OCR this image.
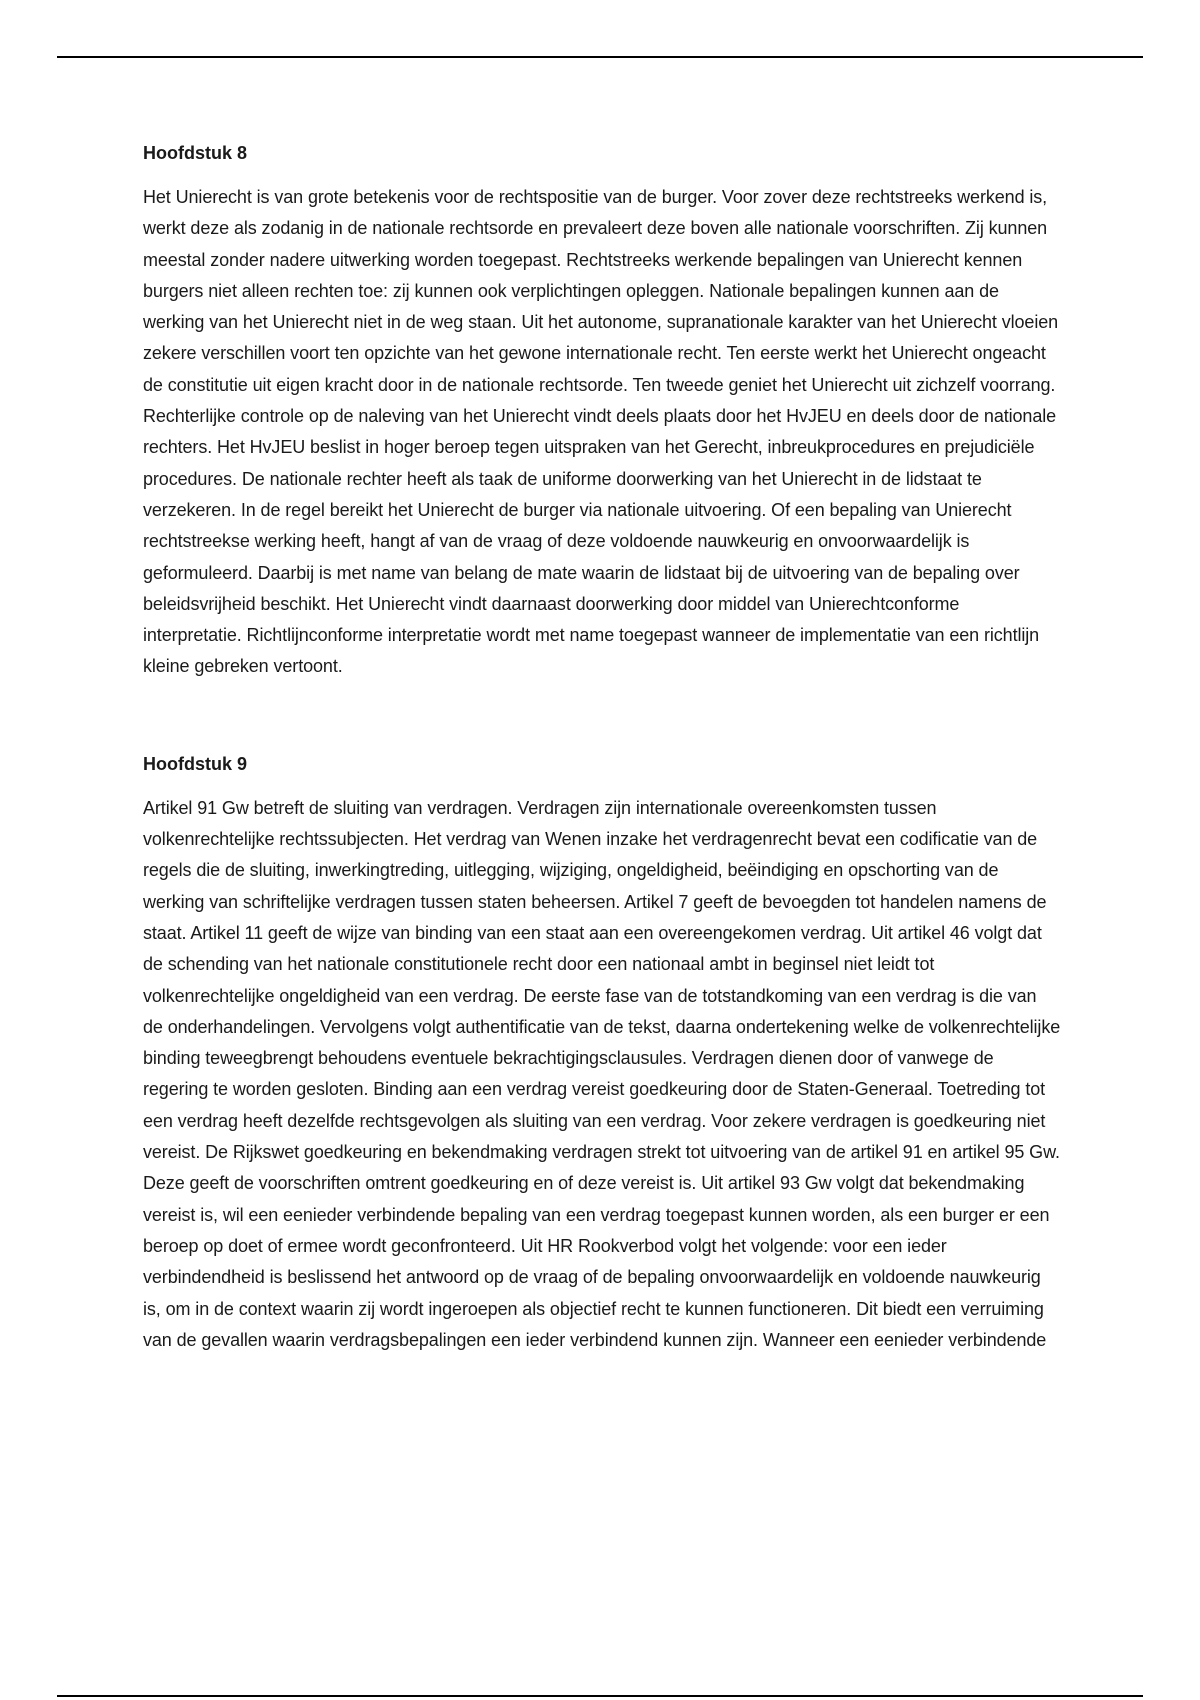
Hoofdstuk 8

Het Unierecht is van grote betekenis voor de rechtspositie van de burger. Voor zover deze rechtstreeks werkend is, werkt deze als zodanig in de nationale rechtsorde en prevaleert deze boven alle nationale voorschriften. Zij kunnen meestal zonder nadere uitwerking worden toegepast. Rechtstreeks werkende bepalingen van Unierecht kennen burgers niet alleen rechten toe: zij kunnen ook verplichtingen opleggen. Nationale bepalingen kunnen aan de werking van het Unierecht niet in de weg staan. Uit het autonome, supranationale karakter van het Unierecht vloeien zekere verschillen voort ten opzichte van het gewone internationale recht. Ten eerste werkt het Unierecht ongeacht de constitutie uit eigen kracht door in de nationale rechtsorde. Ten tweede geniet het Unierecht uit zichzelf voorrang. Rechterlijke controle op de naleving van het Unierecht vindt deels plaats door het HvJEU en deels door de nationale rechters. Het HvJEU beslist in hoger beroep tegen uitspraken van het Gerecht, inbreukprocedures en prejudiciële procedures. De nationale rechter heeft als taak de uniforme doorwerking van het Unierecht in de lidstaat te verzekeren. In de regel bereikt het Unierecht de burger via nationale uitvoering. Of een bepaling van Unierecht rechtstreekse werking heeft, hangt af van de vraag of deze voldoende nauwkeurig en onvoorwaardelijk is geformuleerd. Daarbij is met name van belang de mate waarin de lidstaat bij de uitvoering van de bepaling over beleidsvrijheid beschikt. Het Unierecht vindt daarnaast doorwerking door middel van Unierechtconforme interpretatie. Richtlijnconforme interpretatie wordt met name toegepast wanneer de implementatie van een richtlijn kleine gebreken vertoont.

Hoofdstuk 9

Artikel 91 Gw betreft de sluiting van verdragen. Verdragen zijn internationale overeenkomsten tussen volkenrechtelijke rechtssubjecten. Het verdrag van Wenen inzake het verdragenrecht bevat een codificatie van de regels die de sluiting, inwerkingtreding, uitlegging, wijziging, ongeldigheid, beëindiging en opschorting van de werking van schriftelijke verdragen tussen staten beheersen. Artikel 7 geeft de bevoegden tot handelen namens de staat. Artikel 11 geeft de wijze van binding van een staat aan een overeengekomen verdrag. Uit artikel 46 volgt dat de schending van het nationale constitutionele recht door een nationaal ambt in beginsel niet leidt tot volkenrechtelijke ongeldigheid van een verdrag. De eerste fase van de totstandkoming van een verdrag is die van de onderhandelingen. Vervolgens volgt authentificatie van de tekst, daarna ondertekening welke de volkenrechtelijke binding teweegbrengt behoudens eventuele bekrachtigingsclausules. Verdragen dienen door of vanwege de regering te worden gesloten. Binding aan een verdrag vereist goedkeuring door de Staten-Generaal. Toetreding tot een verdrag heeft dezelfde rechtsgevolgen als sluiting van een verdrag. Voor zekere verdragen is goedkeuring niet vereist. De Rijkswet goedkeuring en bekendmaking verdragen strekt tot uitvoering van de artikel 91 en artikel 95 Gw. Deze geeft de voorschriften omtrent goedkeuring en of deze vereist is. Uit artikel 93 Gw volgt dat bekendmaking vereist is, wil een eenieder verbindende bepaling van een verdrag toegepast kunnen worden, als een burger er een beroep op doet of ermee wordt geconfronteerd. Uit HR Rookverbod volgt het volgende: voor een ieder verbindendheid is beslissend het antwoord op de vraag of de bepaling onvoorwaardelijk en voldoende nauwkeurig is, om in de context waarin zij wordt ingeroepen als objectief recht te kunnen functioneren. Dit biedt een verruiming van de gevallen waarin verdragsbepalingen een ieder verbindend kunnen zijn. Wanneer een eenieder verbindende
